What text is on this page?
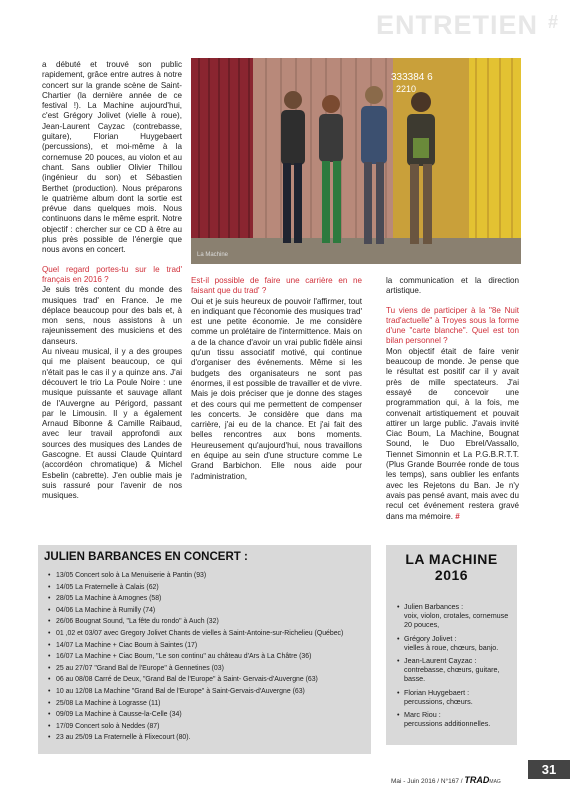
ENTRETIEN #
333384 6
2210
La Machine

a débuté et trouvé son public rapidement, grâce entre autres à notre concert sur la grande scène de Saint-Chartier (la dernière année de ce festival !). La Machine aujourd'hui, c'est Grégory Jolivet (vielle à roue), Jean-Laurent Cayzac (contrebasse, guitare), Florian Huygebaert (percussions), et moi-même à la cornemuse 20 pouces, au violon et au chant. Sans oublier Olivier Thillou (ingénieur du son) et Sébastien Berthet (production). Nous préparons le quatrième album dont la sortie est prévue dans quelques mois. Nous continuons dans le même esprit. Notre objectif : chercher sur ce CD à être au plus près possible de l'énergie que nous avons en concert.

Quel regard portes-tu sur le trad' français en 2016 ?

Je suis très content du monde des musiques trad' en France. Je me déplace beaucoup pour des bals et, à mon sens, nous assistons à un rajeunissement des musiciens et des danseurs.

Au niveau musical, il y a des groupes qui me plaisent beaucoup, ce qui n'était pas le cas il y a quinze ans. J'ai découvert le trio La Poule Noire : une musique puissante et sauvage allant de l'Auvergne au Périgord, passant par le Limousin. Il y a également Arnaud Bibonne & Camille Raibaud, avec leur travail approfondi aux sources des musiques des Landes de Gascogne. Et aussi Claude Quintard (accordéon chromatique) & Michel Esbelin (cabrette). J'en oublie mais je suis rassuré pour l'avenir de nos musiques.

Est-il possible de faire une carrière en ne faisant que du trad' ?

Oui et je suis heureux de pouvoir l'affirmer, tout en indiquant que l'économie des musiques trad' est une petite économie. Je me considère comme un prolétaire de l'intermittence. Mais on a de la chance d'avoir un vrai public fidèle ainsi qu'un tissu associatif motivé, qui continue d'organiser des événements. Même si les budgets des organisateurs ne sont pas énormes, il est possible de travailler et de vivre. Mais je dois préciser que je donne des stages et des cours qui me permettent de compenser les concerts. Je considère que dans ma carrière, j'ai eu de la chance. Et j'ai fait des belles rencontres aux bons moments. Heureusement qu'aujourd'hui, nous travaillons en équipe au sein d'une structure comme Le Grand Barbichon. Elle nous aide pour l'administration,

la communication et la direction artistique.

Tu viens de participer à la "8e Nuit trad'actuelle" à Troyes sous la forme d'une "carte blanche". Quel est ton bilan personnel ?

Mon objectif était de faire venir beaucoup de monde. Je pense que le résultat est positif car il y avait près de mille spectateurs. J'ai essayé de concevoir une programmation qui, à la fois, me convenait artistiquement et pouvait attirer un large public. J'avais invité Ciac Boum, La Machine, Bougnat Sound, le Duo Ebrel/Vassallo, Tiennet Simonnin et La P.G.B.R.T.T. (Plus Grande Bourrée ronde de tous les temps), sans oublier les enfants avec les Rejetons du Ban. Je n'y avais pas pensé avant, mais avec du recul cet événement restera gravé dans ma mémoire. #

JULIEN BARBANCES EN CONCERT :
• 13/05 Concert solo à La Menuiserie à Pantin (93)
• 14/05 La Fraternelle à Calais (62)
• 28/05 La Machine à Amognes (58)
• 04/06 La Machine à Rumilly (74)
• 26/06 Bougnat Sound, "La fête du rondo" à Auch (32)
• 01 ,02 et 03/07 avec Gregory Jolivet Chants de vielles à Saint-Antoine-sur-Richelieu (Québec)
• 14/07 La Machine + Ciac Boum à Saintes (17)
• 16/07 La Machine + Ciac Boum, "Le son continu" au château d'Ars à La Châtre (36)
• 25 au 27/07 "Grand Bal de l'Europe" à Gennetines (03)
• 06 au 08/08 Carré de Deux, "Grand Bal de l'Europe" à Saint- Gervais-d'Auvergne (63)
• 10 au 12/08 La Machine "Grand Bal de l'Europe" à Saint-Gervais-d'Auvergne (63)
• 25/08 La Machine à Lograsse (11)
• 09/09 La Machine à Causse-la-Celle (34)
• 17/09 Concert solo à Neddes (87)
• 23 au 25/09 La Fraternelle à Flixecourt (80).
LA MACHINE
2016
• Julien Barbances :
voix, violon, crotales, cornemuse 20 pouces,
• Grégory Jolivet :
vielles à roue, chœurs, banjo.
• Jean-Laurent Cayzac :
contrebasse, chœurs, guitare, basse.
• Florian Huygebaert :
percussions, chœurs.
• Marc Riou :
percussions additionnelles.
31
Mai - Juin 2016 / N°167 / TRADMAG
